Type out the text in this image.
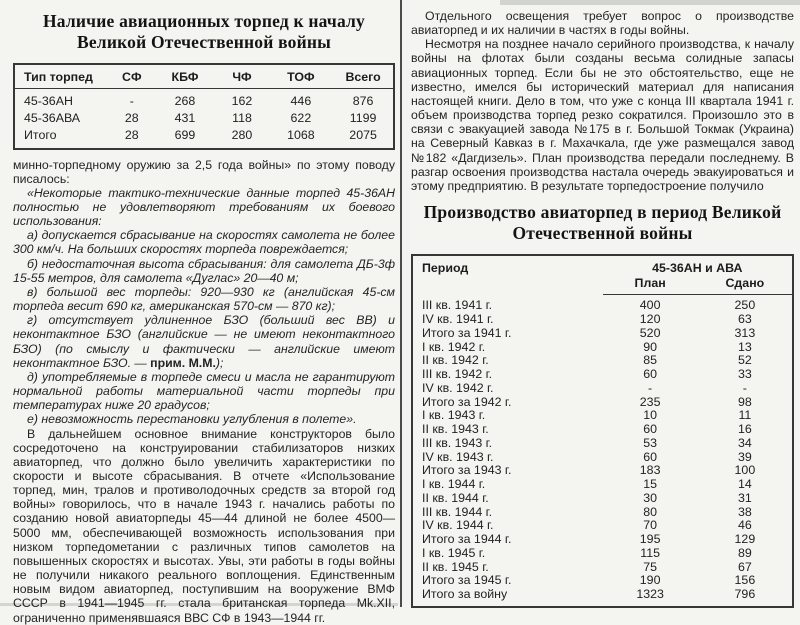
Наличие авиационных торпед к началу Великой Отечественной войны
Тип торпед	СФ	КБФ	ЧФ	ТОФ	Всего
45-36АН	-	268	162	446	876
45-36АВА	28	431	118	622	1199
Итого	28	699	280	1068	2075

минно-торпедному оружию за 2,5 года войны» по этому поводу писалось:

«Некоторые тактико-технические данные торпед 45-36АН полностью не удовлетворяют требованиям их боевого использования:

а) допускается сбрасывание на скоростях самолета не более 300 км/ч. На больших скоростях торпеда повреждается;

б) недостаточная высота сбрасывания: для самолета ДБ-3ф 15-55 метров, для самолета «Дуглас» 20—40 м;

в) большой вес торпеды: 920—930 кг (английская 45-см торпеда весит 690 кг, американская 570-см — 870 кг);

г) отсутствует удлиненное БЗО (больший вес ВВ) и неконтактное БЗО (английские — не имеют неконтактного БЗО) (по смыслу и фактически — английские имеют неконтактное БЗО. — прим. М.М.);

д) употребляемые в торпеде смеси и масла не гарантируют нормальной работы материальной части торпеды при температурах ниже 20 градусов;

е) невозможность перестановки углубления в полете».

В дальнейшем основное внимание конструкторов было сосредоточено на конструировании стабилизаторов низких авиаторпед, что должно было увеличить характеристики по скорости и высоте сбрасывания. В отчете «Использование торпед, мин, тралов и противолодочных средств за второй год войны» говорилось, что в начале 1943 г. начались работы по созданию новой авиаторпеды 45—44 длиной не более 4500—5000 мм, обеспечивающей возможность использования при низком торпедометании с различных типов самолетов на повышенных скоростях и высотах. Увы, эти работы в годы войны не получили никакого реального воплощения. Единственным новым видом авиаторпед, поступившим на вооружение ВМФ СССР в 1941—1945 гг. стала британская торпеда Mk.XII, ограниченно применявшаяся ВВС СФ в 1943—1944 гг.

Отдельного освещения требует вопрос о производстве авиаторпед и их наличии в частях в годы войны.

Несмотря на позднее начало серийного производства, к началу войны на флотах были созданы весьма солидные запасы авиационных торпед. Если бы не это обстоятельство, еще не известно, имелся бы исторический материал для написания настоящей книги. Дело в том, что уже с конца III квартала 1941 г. объем производства торпед резко сократился. Произошло это в связи с эвакуацией завода №175 в г. Большой Токмак (Украина) на Северный Кавказ в г. Махачкала, где уже размещался завод №182 «Дагдизель». План производства передали последнему. В разгар освоения производства настала очередь эвакуироваться и этому предприятию. В результате торпедостроение получило

Производство авиаторпед в период Великой Отечественной войны
Период	45-36АН и АВА	
	План	Сдано
III кв. 1941 г.	400	250
IV кв. 1941 г.	120	63
Итого за 1941 г.	520	313
I кв. 1942 г.	90	13
II кв. 1942 г.	85	52
III кв. 1942 г.	60	33
IV кв. 1942 г.	-	-
Итого за 1942 г.	235	98
I кв. 1943 г.	10	11
II кв. 1943 г.	60	16
III кв. 1943 г.	53	34
IV кв. 1943 г.	60	39
Итого за 1943 г.	183	100
I кв. 1944 г.	15	14
II кв. 1944 г.	30	31
III кв. 1944 г.	80	38
IV кв. 1944 г.	70	46
Итого за 1944 г.	195	129
I кв. 1945 г.	115	89
II кв. 1945 г.	75	67
Итого за 1945 г.	190	156
Итого за войну	1323	796
